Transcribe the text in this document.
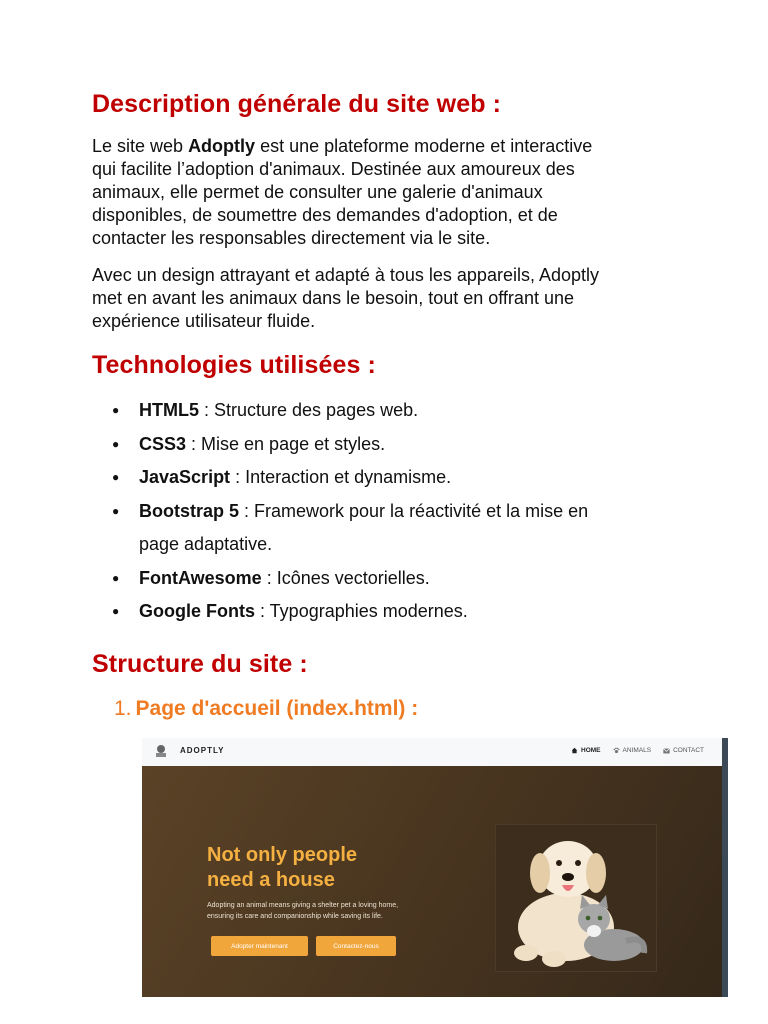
Description générale du site web :
Le site web Adoptly est une plateforme moderne et interactive
qui facilite l’adoption d'animaux. Destinée aux amoureux des
animaux, elle permet de consulter une galerie d'animaux
disponibles, de soumettre des demandes d'adoption, et de
contacter les responsables directement via le site.
Avec un design attrayant et adapté à tous les appareils, Adoptly
met en avant les animaux dans le besoin, tout en offrant une
expérience utilisateur fluide.
Technologies utilisées :
● HTML5 : Structure des pages web.
● CSS3 : Mise en page et styles.
● JavaScript : Interaction et dynamisme.
● Bootstrap 5 : Framework pour la réactivité et la mise en
page adaptative.
● FontAwesome : Icônes vectorielles.
● Google Fonts : Typographies modernes.
Structure du site :
1. Page d'accueil (index.html) :
ADOPTLY	HOME	ANIMALS	CONTACT
Not only people
need a house
Adopting an animal means giving a shelter pet a loving home,
ensuring its care and companionship while saving its life.
Adopter maintenant	Contactez-nous
